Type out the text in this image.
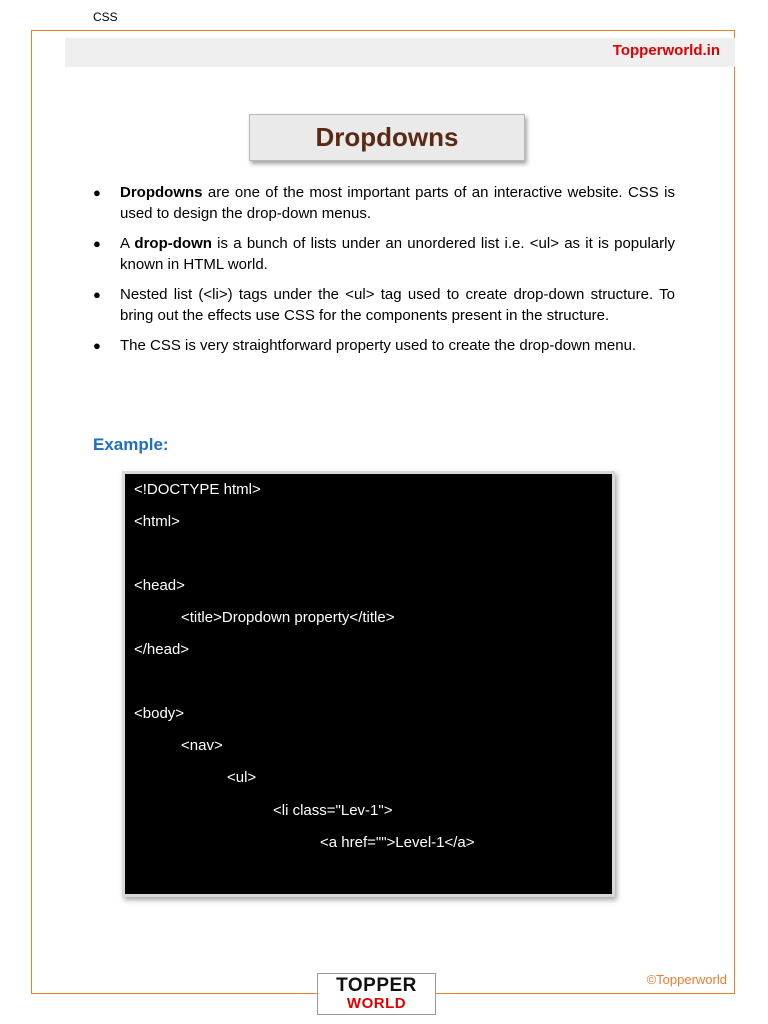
CSS
Topperworld.in
Dropdowns
● Dropdowns are one of the most important parts of an interactive website. CSS is used to design the drop-down menus.
● A drop-down is a bunch of lists under an unordered list i.e. <ul> as it is popularly known in HTML world.
● Nested list (<li>) tags under the <ul> tag used to create drop-down structure. To bring out the effects use CSS for the components present in the structure.
● The CSS is very straightforward property used to create the drop-down menu.
Example:
<!DOCTYPE html>
<html>
<head>
<title>Dropdown property</title>
</head>
<body>
<nav>
<ul>
<li class="Lev-1">
<a href="">Level-1</a>
©Topperworld
TOPPER
WORLD
